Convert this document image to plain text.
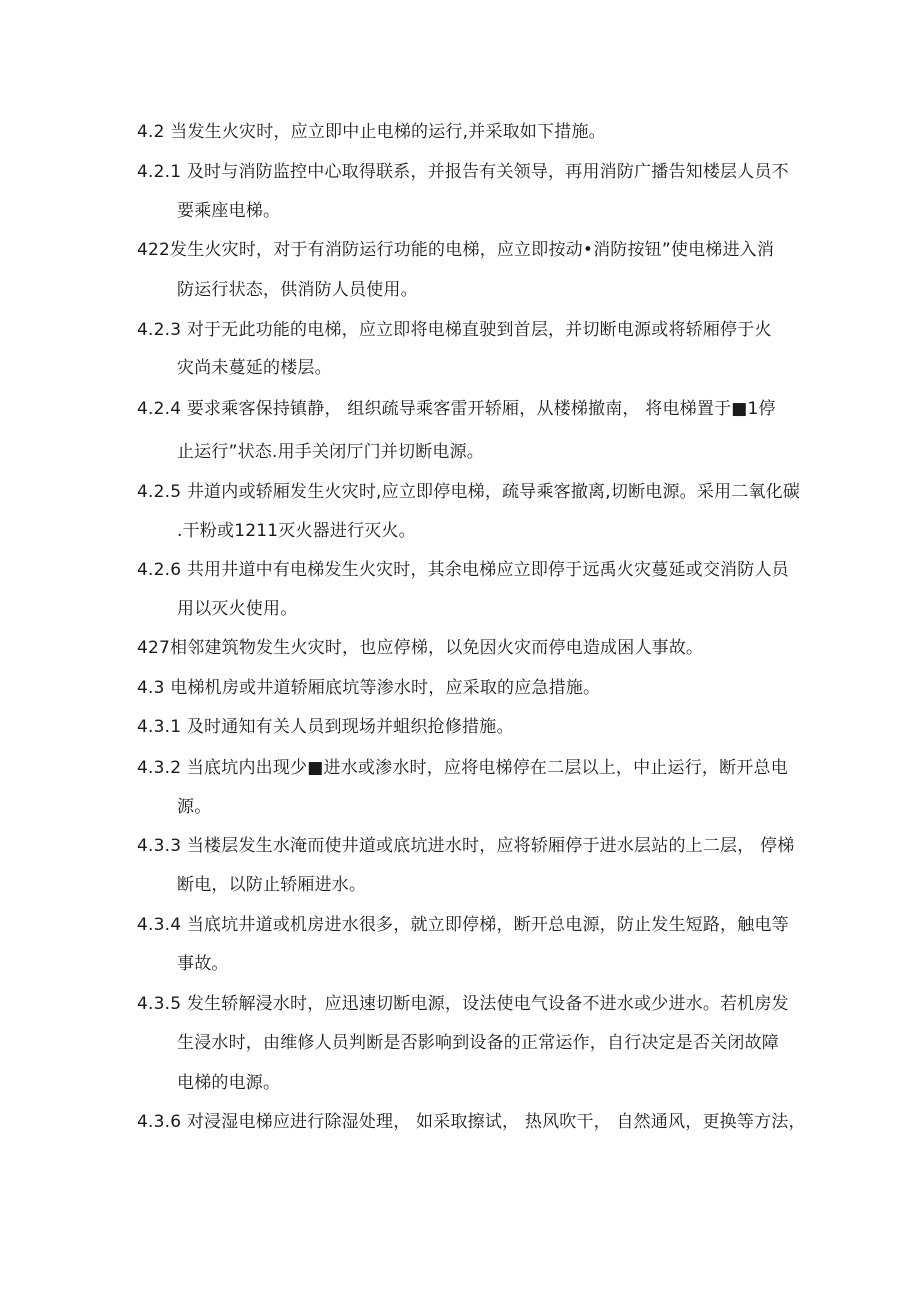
4.2 当发生火灾时，应立即中止电梯的运行,并采取如下措施。
4.2.1 及时与消防监控中心取得联系，并报告有关领导，再用消防广播告知楼层人员不
要乘座电梯。
422发生火灾时，对于有消防运行功能的电梯，应立即按动•消防按钮”使电梯进入消
防运行状态，供消防人员使用。
4.2.3 对于无此功能的电梯，应立即将电梯直驶到首层，并切断电源或将轿厢停于火
灾尚未蔓延的楼层。
4.2.4 要求乘客保持镇静， 组织疏导乘客雷开轿厢，从楼梯撤南， 将电梯置于■1停
止运行”状态.用手关闭厅门并切断电源。
4.2.5 井道内或轿厢发生火灾时,应立即停电梯，疏导乘客撤离,切断电源。采用二氧化碳
.干粉或1211灭火器进行灭火。
4.2.6 共用井道中有电梯发生火灾时，其余电梯应立即停于远禹火灾蔓延或交消防人员
用以灭火使用。
427相邻建筑物发生火灾时，也应停梯，以免因火灾而停电造成困人事故。
4.3 电梯机房或井道轿厢底坑等渗水时，应采取的应急措施。
4.3.1 及时通知有关人员到现场并蛆织抢修措施。
4.3.2 当底坑内出现少■进水或渗水时，应将电梯停在二层以上，中止运行，断开总电
源。
4.3.3 当楼层发生水淹而使井道或底坑进水时，应将轿厢停于进水层站的上二层， 停梯
断电，以防止轿厢进水。
4.3.4 当底坑井道或机房进水很多，就立即停梯，断开总电源，防止发生短路，触电等
事故。
4.3.5 发生轿解浸水时，应迅速切断电源，设法使电气设备不进水或少进水。若机房发
生浸水时，由维修人员判断是否影响到设备的正常运作，自行决定是否关闭故障
电梯的电源。
4.3.6 对浸湿电梯应进行除湿处理， 如采取擦试， 热风吹干， 自然通风，更换等方法，
